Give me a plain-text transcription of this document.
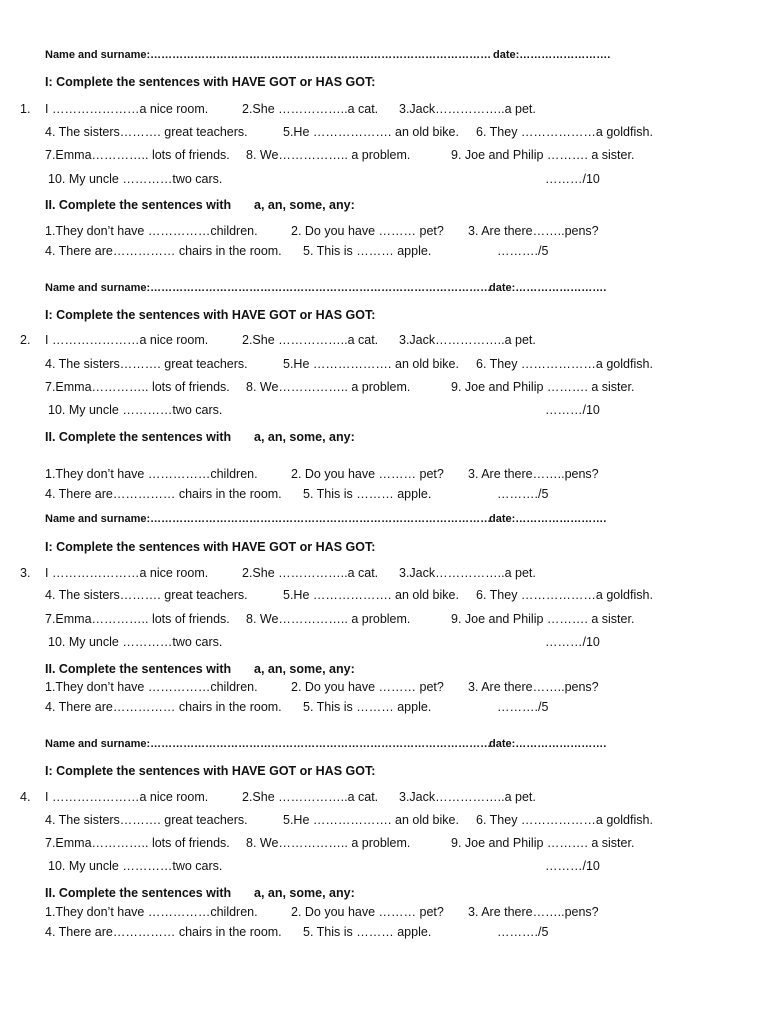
Name and surname:………………………………………………………………………………… date:…………………….
I: Complete the sentences with HAVE GOT or HAS GOT:
1. I …………………a nice room.	2.She ……………..a cat. 3.Jack……………..a pet.
4. The sisters………. great teachers.	5.He ………………. an old bike. 6. They ………………a goldfish.
7.Emma………….. lots of friends. 8. We…………….. a problem.	9. Joe and Philip ………. a sister.
10. My uncle …………two cars.	………/10
II. Complete the sentences with a, an, some, any:
1.They don’t have ……………children.	2. Do you have ……… pet? 3. Are there……..pens?
4. There are…………… chairs in the room. 5. This is ……… apple.	………./5
Name and surname:…………………………………………………………………………………
date:…………………….
I: Complete the sentences with HAVE GOT or HAS GOT:
2. I …………………a nice room.	2.She ……………..a cat. 3.Jack……………..a pet.
4. The sisters………. great teachers.	5.He ………………. an old bike. 6. They ………………a goldfish.
7.Emma………….. lots of friends. 8. We…………….. a problem.	9. Joe and Philip ………. a sister.
10. My uncle …………two cars.	………/10
II. Complete the sentences with a, an, some, any:
1.They don’t have ……………children.	2. Do you have ……… pet? 3. Are there……..pens?
4. There are…………… chairs in the room. 5. This is ……… apple.	………./5
Name and surname:…………………………………………………………………………………
date:…………………….
I: Complete the sentences with HAVE GOT or HAS GOT:
3. I …………………a nice room.	2.She ……………..a cat. 3.Jack……………..a pet.
4. The sisters………. great teachers.	5.He ………………. an old bike. 6. They ………………a goldfish.
7.Emma………….. lots of friends. 8. We…………….. a problem.	9. Joe and Philip ………. a sister.
10. My uncle …………two cars.	………/10
II. Complete the sentences with a, an, some, any:
1.They don’t have ……………children.	2. Do you have ……… pet? 3. Are there……..pens?
4. There are…………… chairs in the room. 5. This is ……… apple.	………./5
Name and surname:…………………………………………………………………………………
date:…………………….
I: Complete the sentences with HAVE GOT or HAS GOT:
4. I …………………a nice room.	2.She ……………..a cat. 3.Jack……………..a pet.
4. The sisters………. great teachers.	5.He ………………. an old bike. 6. They ………………a goldfish.
7.Emma………….. lots of friends. 8. We…………….. a problem.	9. Joe and Philip ………. a sister.
10. My uncle …………two cars.	………/10
II. Complete the sentences with a, an, some, any:
1.They don’t have ……………children.	2. Do you have ……… pet? 3. Are there……..pens?
4. There are…………… chairs in the room. 5. This is ……… apple.	………./5
